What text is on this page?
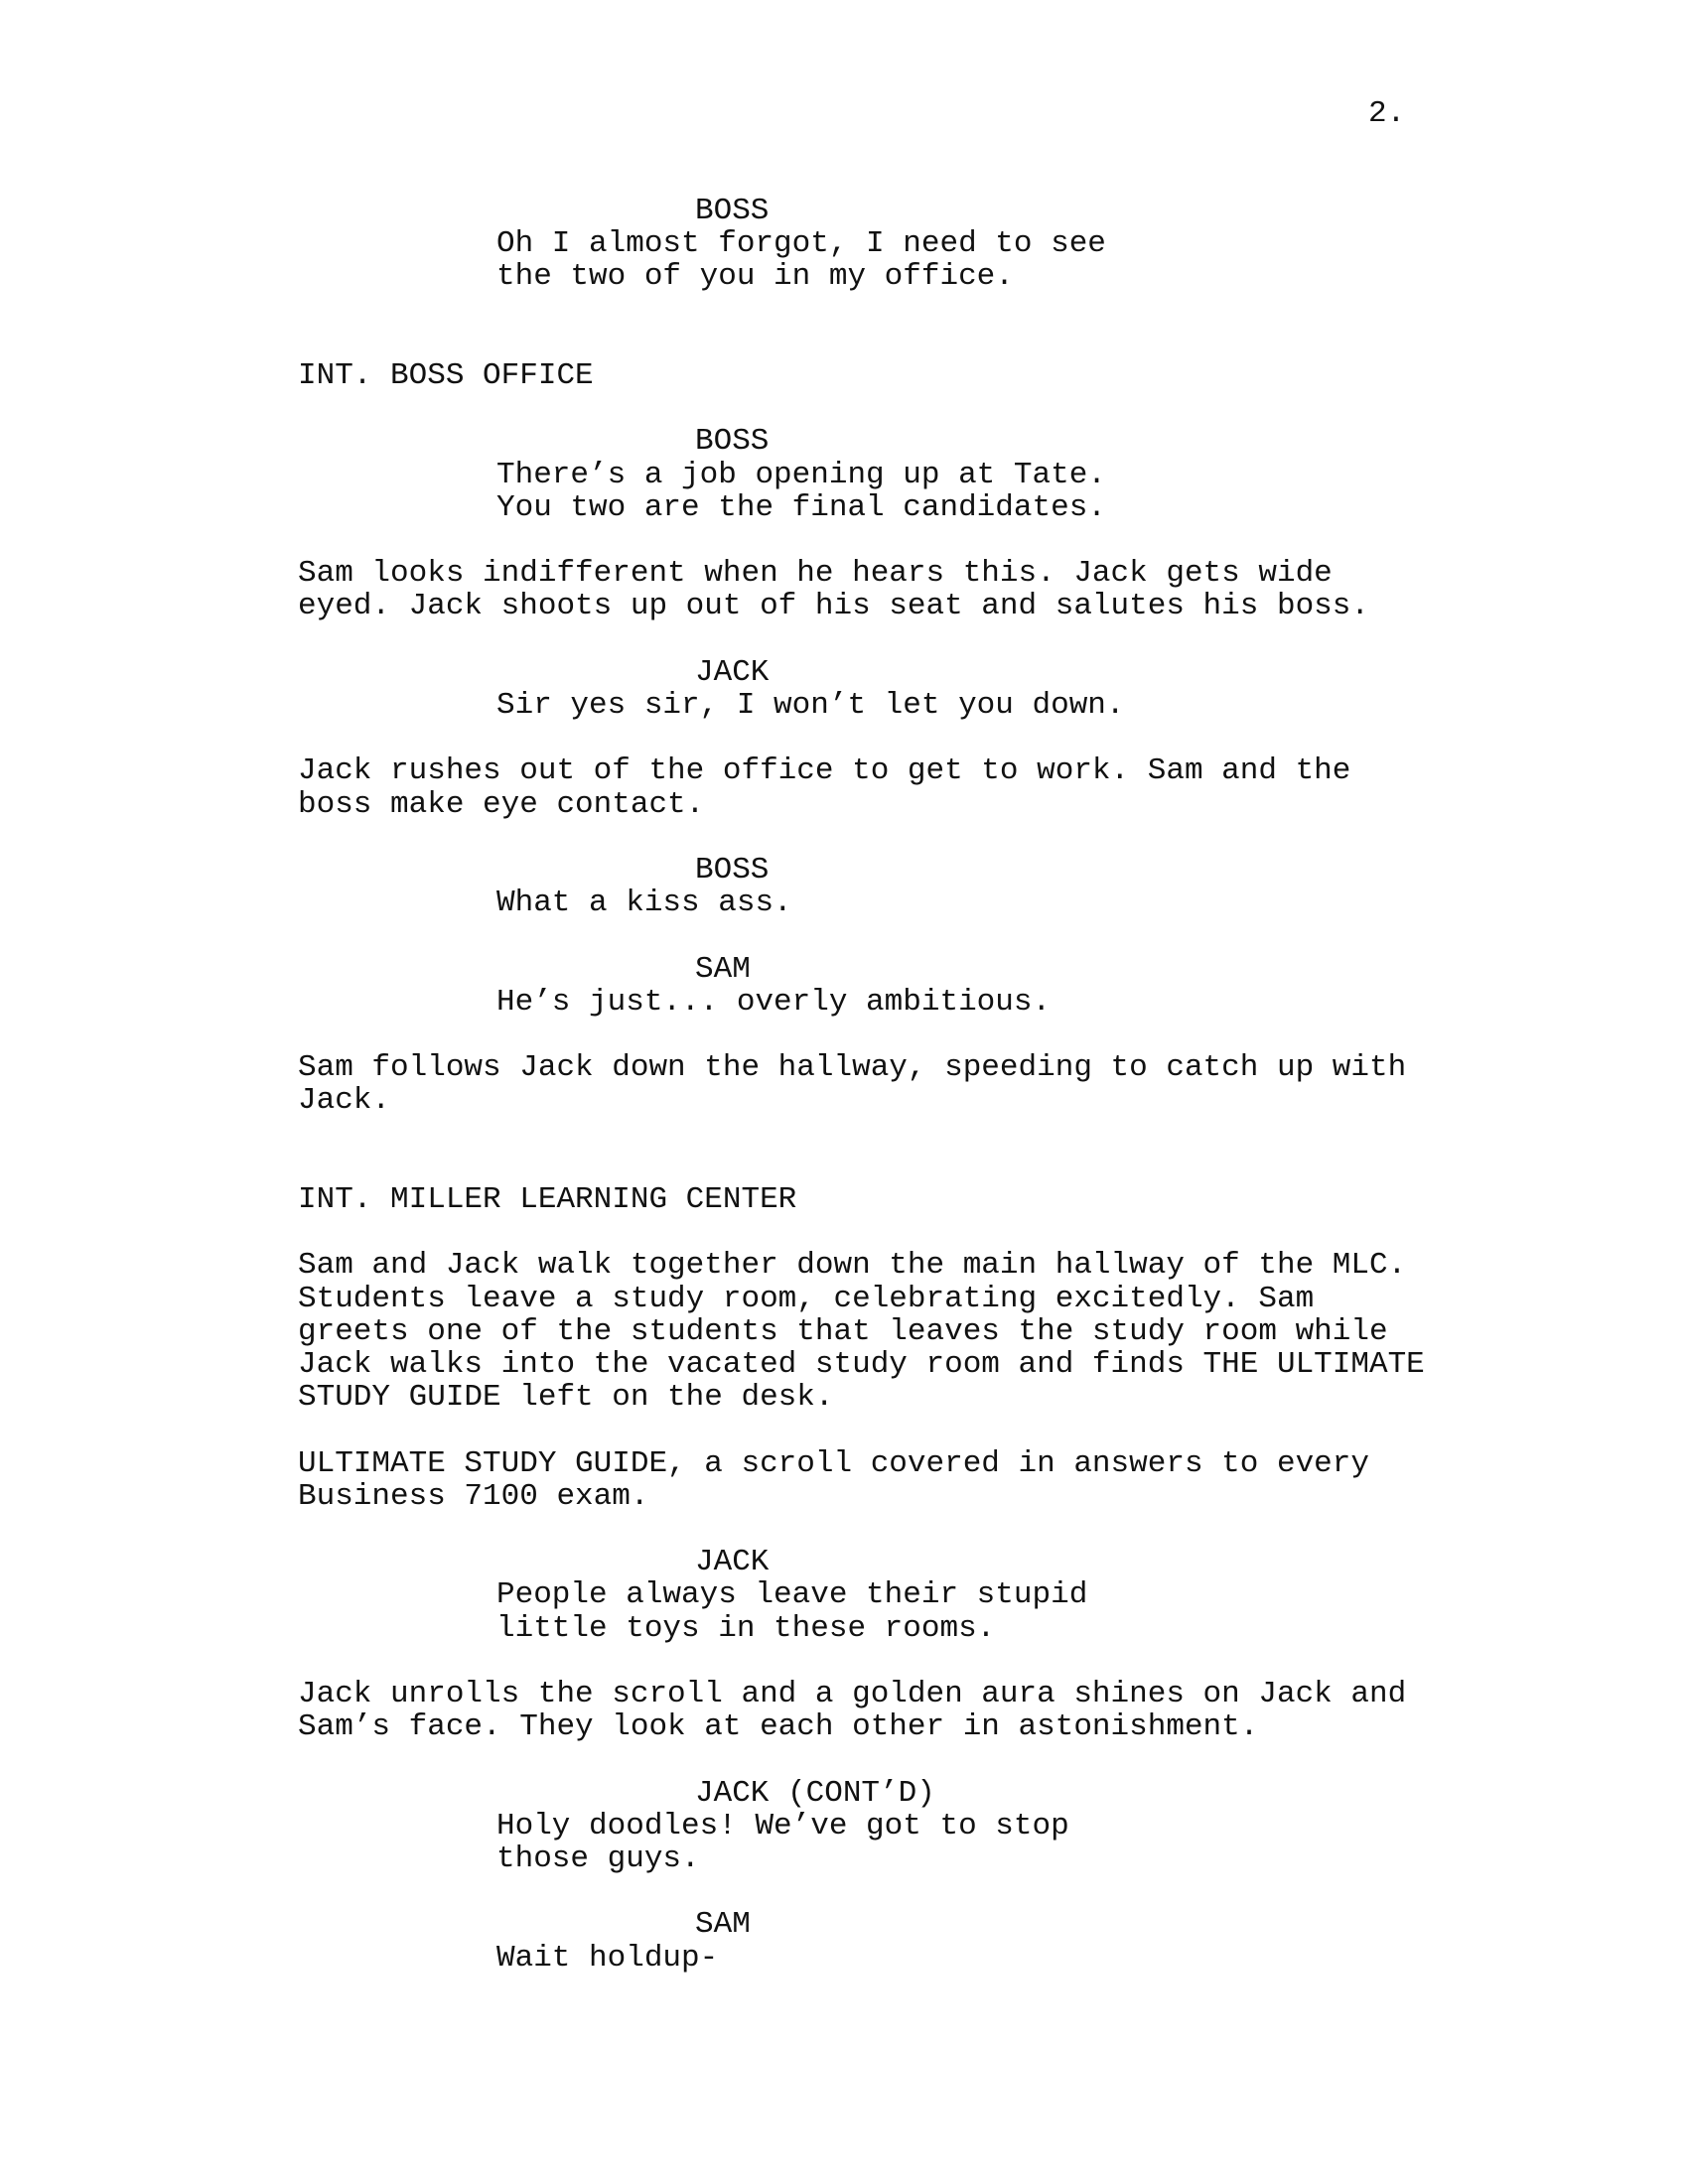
2.
BOSS
Oh I almost forgot, I need to see
the two of you in my office.
INT. BOSS OFFICE
BOSS
There’s a job opening up at Tate.
You two are the final candidates.
Sam looks indifferent when he hears this. Jack gets wide
eyed. Jack shoots up out of his seat and salutes his boss.
JACK
Sir yes sir, I won’t let you down.
Jack rushes out of the office to get to work. Sam and the
boss make eye contact.
BOSS
What a kiss ass.
SAM
He’s just... overly ambitious.
Sam follows Jack down the hallway, speeding to catch up with
Jack.
INT. MILLER LEARNING CENTER
Sam and Jack walk together down the main hallway of the MLC.
Students leave a study room, celebrating excitedly. Sam
greets one of the students that leaves the study room while
Jack walks into the vacated study room and finds THE ULTIMATE
STUDY GUIDE left on the desk.
ULTIMATE STUDY GUIDE, a scroll covered in answers to every
Business 7100 exam.
JACK
People always leave their stupid
little toys in these rooms.
Jack unrolls the scroll and a golden aura shines on Jack and
Sam’s face. They look at each other in astonishment.
JACK (CONT’D)
Holy doodles! We’ve got to stop
those guys.
SAM
Wait holdup-
